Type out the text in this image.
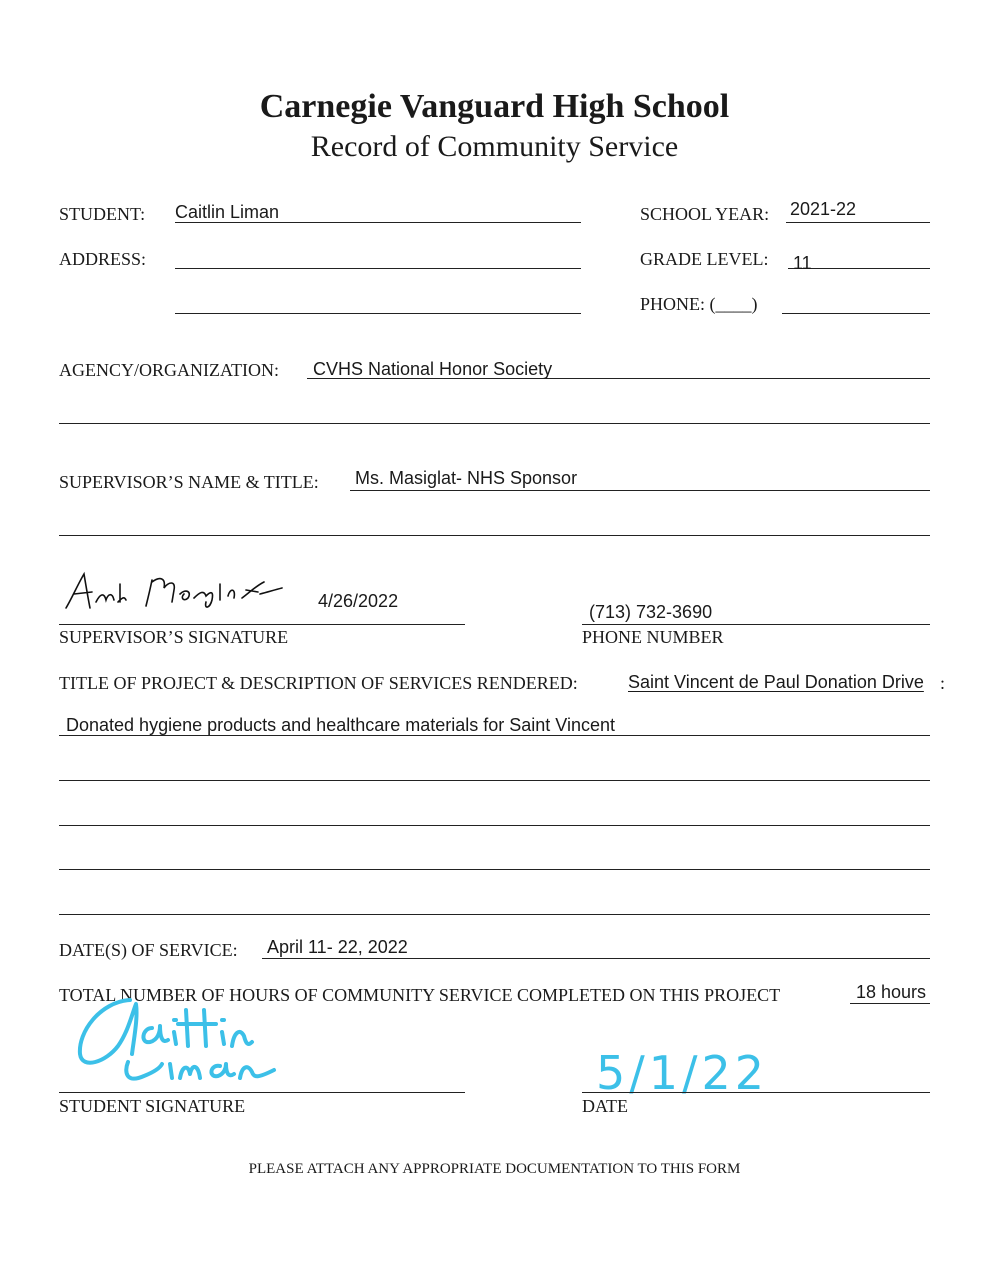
Carnegie Vanguard High School
Record of Community Service
STUDENT: Caitlin Liman	SCHOOL YEAR: 2021-22
ADDRESS:	GRADE LEVEL: 11
PHONE: (____)
AGENCY/ORGANIZATION: CVHS National Honor Society
SUPERVISOR’S NAME & TITLE: Ms. Masiglat- NHS Sponsor
4/26/2022
SUPERVISOR’S SIGNATURE
(713) 732-3690
PHONE NUMBER
TITLE OF PROJECT & DESCRIPTION OF SERVICES RENDERED:	Saint Vincent de Paul Donation Drive :
Donated hygiene products and healthcare materials for Saint Vincent
DATE(S) OF SERVICE: April 11- 22, 2022
TOTAL NUMBER OF HOURS OF COMMUNITY SERVICE COMPLETED ON THIS PROJECT	18 hours
STUDENT SIGNATURE
5/1/22
DATE
PLEASE ATTACH ANY APPROPRIATE DOCUMENTATION TO THIS FORM
